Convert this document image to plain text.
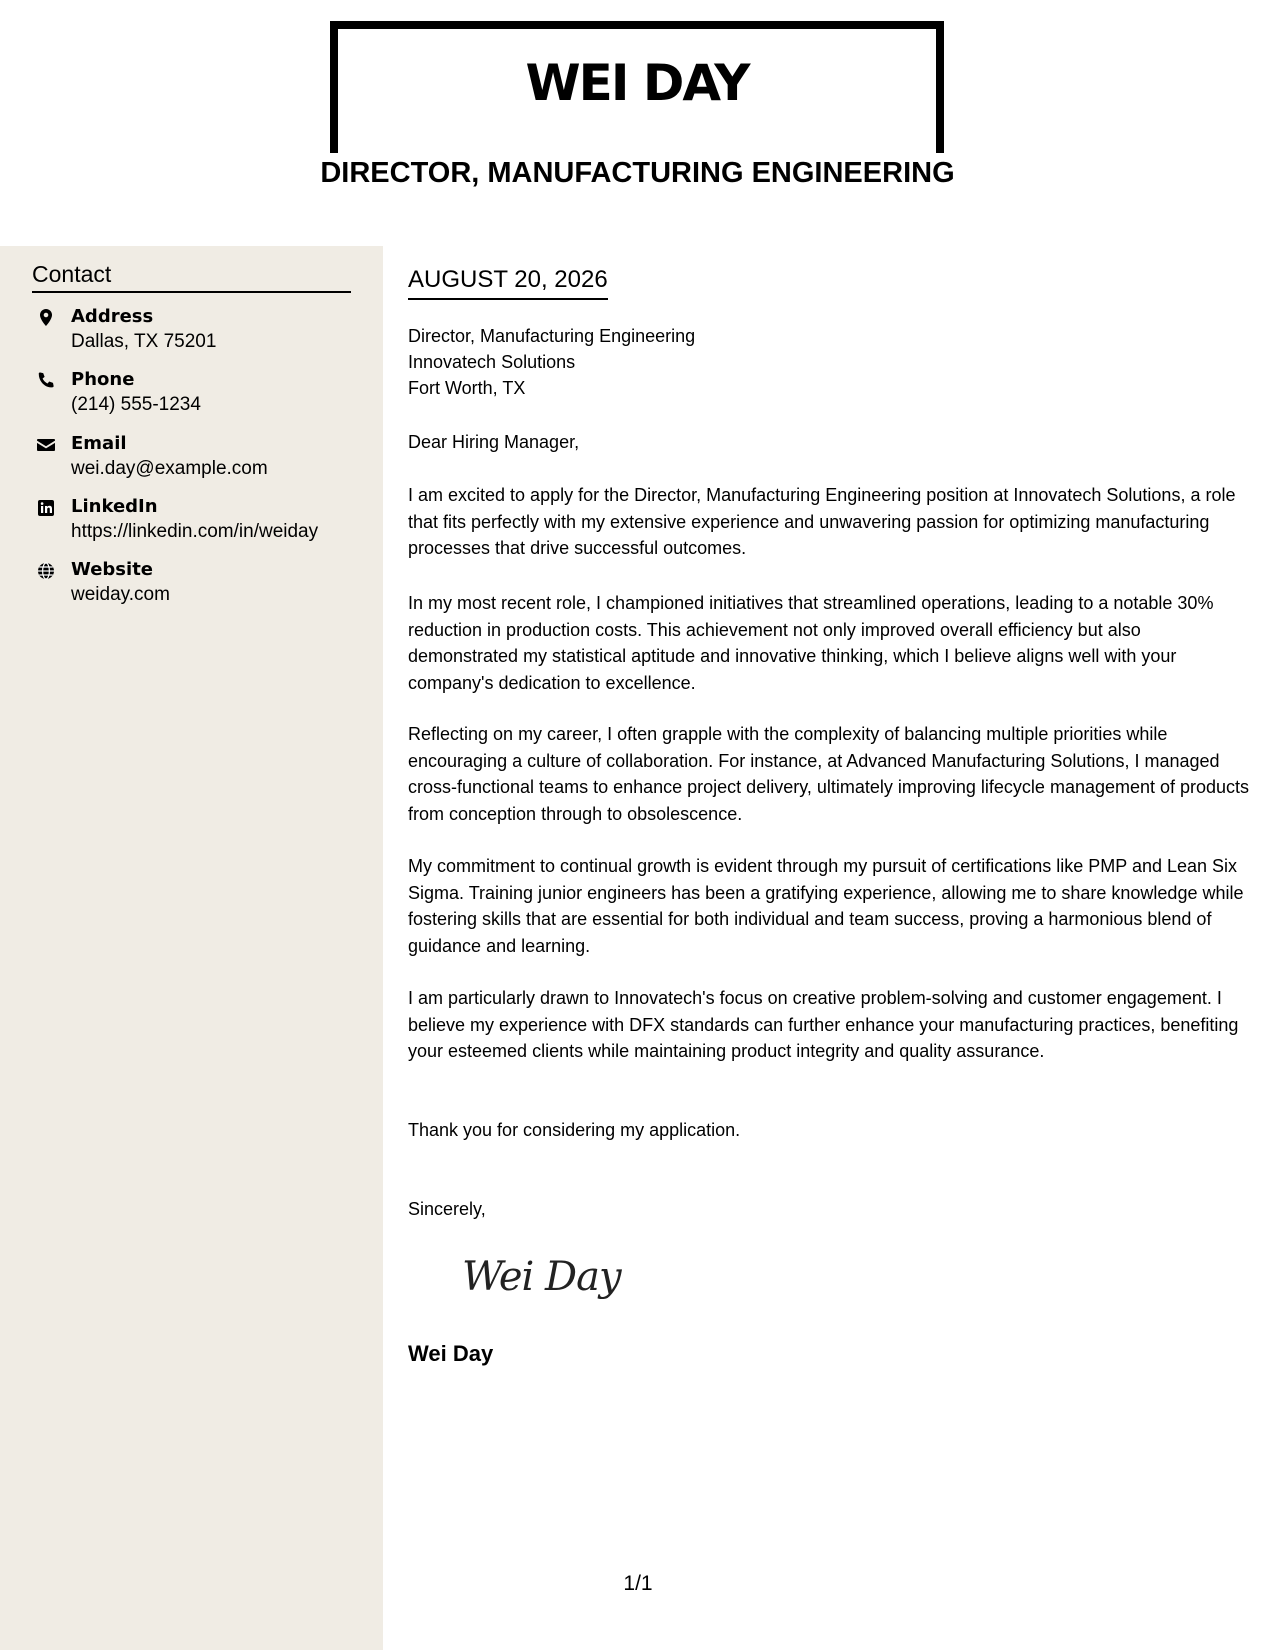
WEI DAY
DIRECTOR, MANUFACTURING ENGINEERING
Contact
Address
Dallas, TX 75201
Phone
(214) 555-1234
Email
wei.day@example.com
LinkedIn
https://linkedin.com/in/weiday
Website
weiday.com
AUGUST 20, 2026
Director, Manufacturing Engineering
Innovatech Solutions
Fort Worth, TX
Dear Hiring Manager,
I am excited to apply for the Director, Manufacturing Engineering position at Innovatech Solutions, a role that fits perfectly with my extensive experience and unwavering passion for optimizing manufacturing processes that drive successful outcomes.
In my most recent role, I championed initiatives that streamlined operations, leading to a notable 30% reduction in production costs. This achievement not only improved overall efficiency but also demonstrated my statistical aptitude and innovative thinking, which I believe aligns well with your company's dedication to excellence.
Reflecting on my career, I often grapple with the complexity of balancing multiple priorities while encouraging a culture of collaboration. For instance, at Advanced Manufacturing Solutions, I managed cross-functional teams to enhance project delivery, ultimately improving lifecycle management of products from conception through to obsolescence.
My commitment to continual growth is evident through my pursuit of certifications like PMP and Lean Six Sigma. Training junior engineers has been a gratifying experience, allowing me to share knowledge while fostering skills that are essential for both individual and team success, proving a harmonious blend of guidance and learning.
I am particularly drawn to Innovatech's focus on creative problem-solving and customer engagement. I believe my experience with DFX standards can further enhance your manufacturing practices, benefiting your esteemed clients while maintaining product integrity and quality assurance.
Thank you for considering my application.
Sincerely,
Wei Day
Wei Day
1/1
